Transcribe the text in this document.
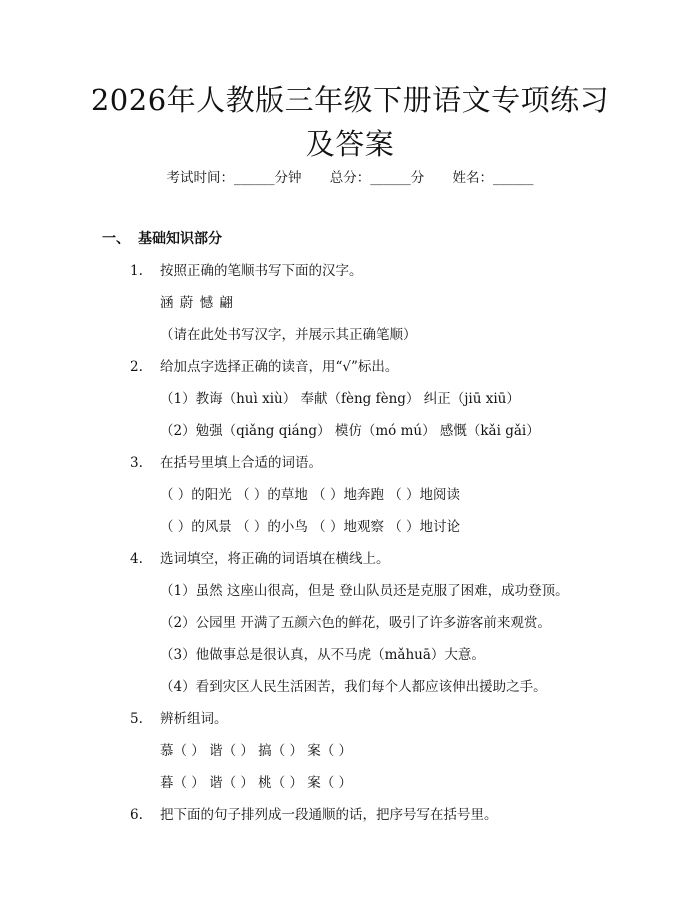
2026年人教版三年级下册语文专项练习及答案
考试时间：______分钟 总分：______分 姓名：______
一、 基础知识部分
1. 按照正确的笔顺书写下面的汉字。
涵 蔚 憾 翩
（请在此处书写汉字，并展示其正确笔顺）
2. 给加点字选择正确的读音，用“√”标出。
（1）教诲（huì xiù） 奉献（fèng fèng） 纠正（jiū xiū）
（2）勉强（qiǎng qiáng） 模仿（mó mú） 感慨（kǎi gǎi）
3. 在括号里填上合适的词语。
（ ）的阳光 （ ）的草地 （ ）地奔跑 （ ）地阅读
（ ）的风景 （ ）的小鸟 （ ）地观察 （ ）地讨论
4. 选词填空，将正确的词语填在横线上。
（1）虽然 这座山很高，但是 登山队员还是克服了困难，成功登顶。
（2）公园里 开满了五颜六色的鲜花，吸引了许多游客前来观赏。
（3）他做事总是很认真，从不马虎（mǎhuā）大意。
（4）看到灾区人民生活困苦，我们每个人都应该伸出援助之手。
5. 辨析组词。
慕（ ） 谐（ ） 搞（ ） 案（ ）
暮（ ） 谐（ ） 桃（ ） 案（ ）
6. 把下面的句子排列成一段通顺的话，把序号写在括号里。
